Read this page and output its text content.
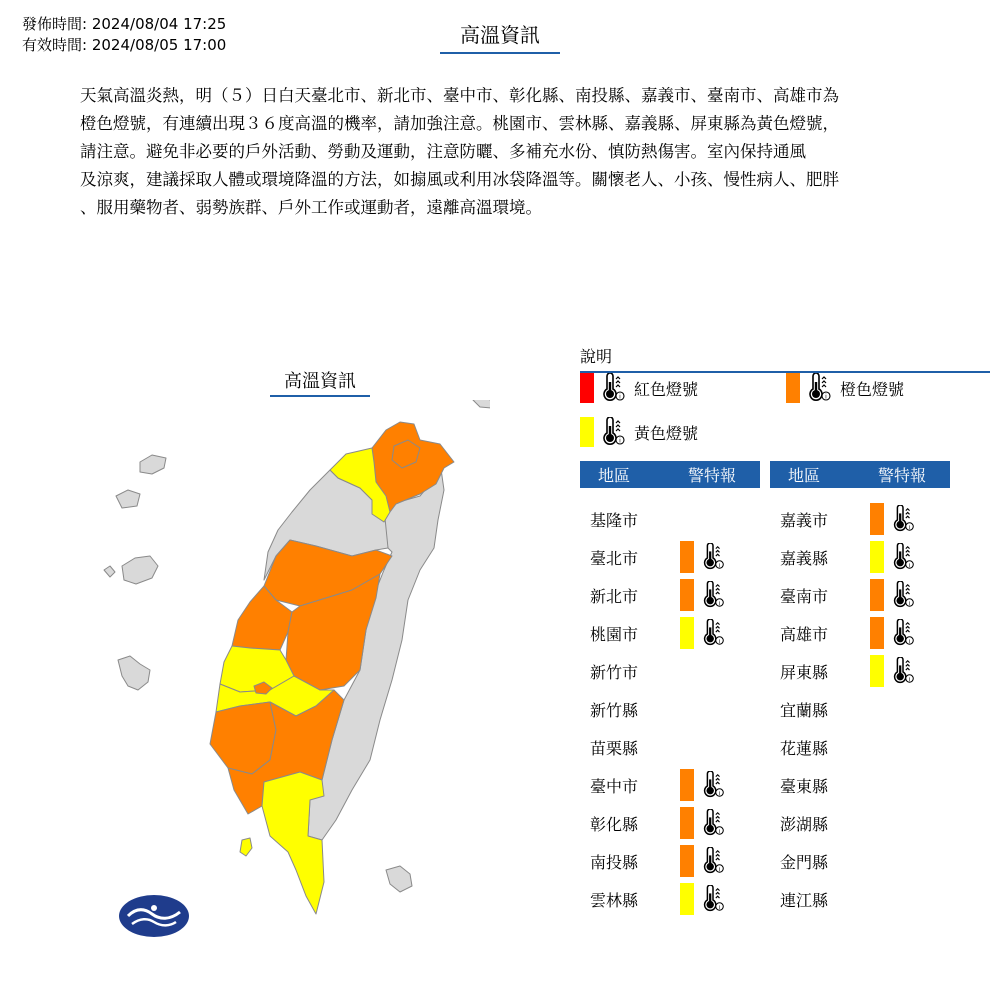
發佈時間: 2024/08/04 17:25
有效時間: 2024/08/05 17:00	高溫資訊
天氣高溫炎熱，明（５）日白天臺北市、新北市、臺中市、彰化縣、南投縣、嘉義市、臺南市、高雄市為
橙色燈號，有連續出現３６度高溫的機率，請加強注意。桃園市、雲林縣、嘉義縣、屏東縣為黃色燈號，
請注意。避免非必要的戶外活動、勞動及運動，注意防曬、多補充水份、慎防熱傷害。室內保持通風
及涼爽，建議採取人體或環境降溫的方法，如搧風或利用冰袋降溫等。關懷老人、小孩、慢性病人、肥胖
、服用藥物者、弱勢族群、戶外工作或運動者，遠離高溫環境。
高溫資訊
說明
紅色燈號	橙色燈號
黃色燈號
地區	警特報
基隆市
臺北市
新北市
桃園市
新竹市
新竹縣
苗栗縣
臺中市
彰化縣
南投縣
雲林縣
地區	警特報
嘉義市
嘉義縣
臺南市
高雄市
屏東縣
宜蘭縣
花蓮縣
臺東縣
澎湖縣
金門縣
連江縣
